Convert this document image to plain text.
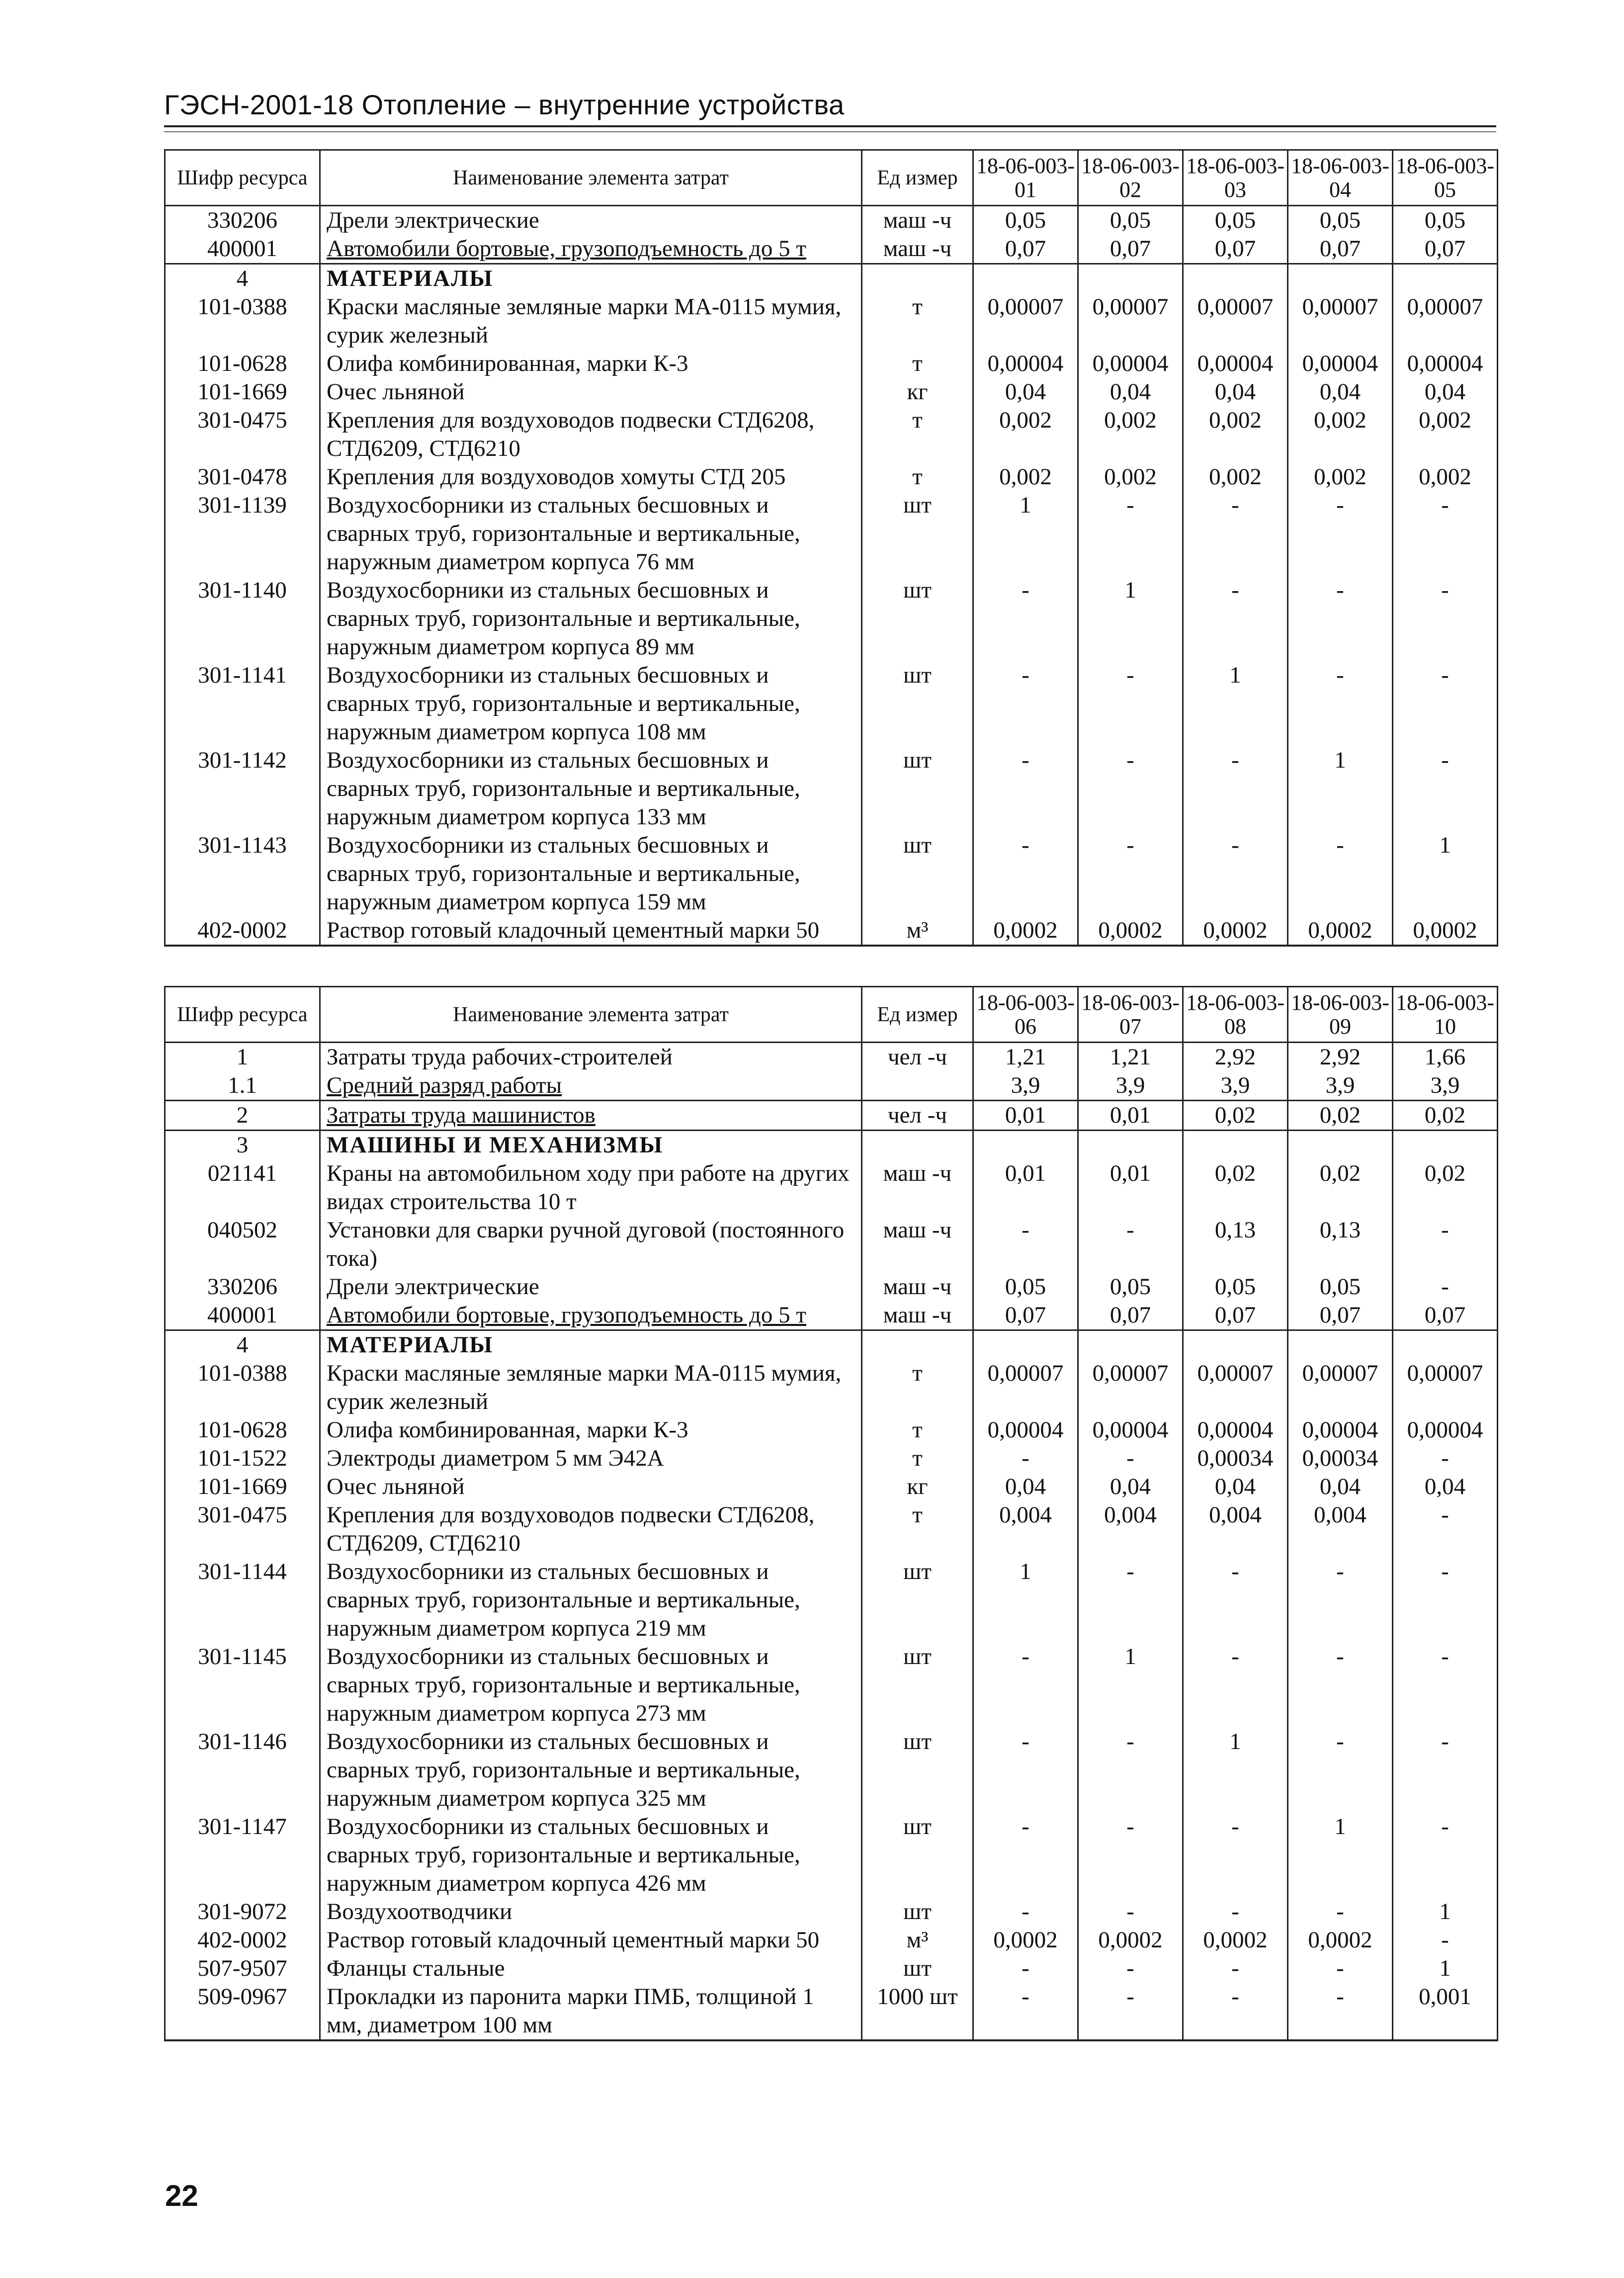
ГЭСН-2001-18 Отопление – внутренние устройства
Шифр ресурса	Наименование элемента затрат	Ед измер	18-06-003-01	18-06-003-02	18-06-003-03	18-06-003-04	18-06-003-05
330206	Дрели электрические	маш -ч	0,05	0,05	0,05	0,05	0,05
400001	Автомобили бортовые, грузоподъемность до 5 т	маш -ч	0,07	0,07	0,07	0,07	0,07
4	МАТЕРИАЛЫ						
101-0388	Краски масляные земляные марки МА-0115 мумия, сурик железный	т	0,00007	0,00007	0,00007	0,00007	0,00007
101-0628	Олифа комбинированная, марки К-3	т	0,00004	0,00004	0,00004	0,00004	0,00004
101-1669	Очес льняной	кг	0,04	0,04	0,04	0,04	0,04
301-0475	Крепления для воздуховодов подвески СТД6208, СТД6209, СТД6210	т	0,002	0,002	0,002	0,002	0,002
301-0478	Крепления для воздуховодов хомуты СТД 205	т	0,002	0,002	0,002	0,002	0,002
301-1139	Воздухосборники из стальных бесшовных и сварных труб, горизонтальные и вертикальные, наружным диаметром корпуса 76 мм	шт	1	-	-	-	-
301-1140	Воздухосборники из стальных бесшовных и сварных труб, горизонтальные и вертикальные, наружным диаметром корпуса 89 мм	шт	-	1	-	-	-
301-1141	Воздухосборники из стальных бесшовных и сварных труб, горизонтальные и вертикальные, наружным диаметром корпуса 108 мм	шт	-	-	1	-	-
301-1142	Воздухосборники из стальных бесшовных и сварных труб, горизонтальные и вертикальные, наружным диаметром корпуса 133 мм	шт	-	-	-	1	-
301-1143	Воздухосборники из стальных бесшовных и сварных труб, горизонтальные и вертикальные, наружным диаметром корпуса 159 мм	шт	-	-	-	-	1
402-0002	Раствор готовый кладочный цементный марки 50	м³	0,0002	0,0002	0,0002	0,0002	0,0002
Шифр ресурса	Наименование элемента затрат	Ед измер	18-06-003-06	18-06-003-07	18-06-003-08	18-06-003-09	18-06-003-10
1	Затраты труда рабочих-строителей	чел -ч	1,21	1,21	2,92	2,92	1,66
1.1	Средний разряд работы		3,9	3,9	3,9	3,9	3,9
2	Затраты труда машинистов	чел -ч	0,01	0,01	0,02	0,02	0,02
3	МАШИНЫ И МЕХАНИЗМЫ						
021141	Краны на автомобильном ходу при работе на других видах строительства 10 т	маш -ч	0,01	0,01	0,02	0,02	0,02
040502	Установки для сварки ручной дуговой (постоянного тока)	маш -ч	-	-	0,13	0,13	-
330206	Дрели электрические	маш -ч	0,05	0,05	0,05	0,05	-
400001	Автомобили бортовые, грузоподъемность до 5 т	маш -ч	0,07	0,07	0,07	0,07	0,07
4	МАТЕРИАЛЫ						
101-0388	Краски масляные земляные марки МА-0115 мумия, сурик железный	т	0,00007	0,00007	0,00007	0,00007	0,00007
101-0628	Олифа комбинированная, марки К-3	т	0,00004	0,00004	0,00004	0,00004	0,00004
101-1522	Электроды диаметром 5 мм Э42А	т	-	-	0,00034	0,00034	-
101-1669	Очес льняной	кг	0,04	0,04	0,04	0,04	0,04
301-0475	Крепления для воздуховодов подвески СТД6208, СТД6209, СТД6210	т	0,004	0,004	0,004	0,004	-
301-1144	Воздухосборники из стальных бесшовных и сварных труб, горизонтальные и вертикальные, наружным диаметром корпуса 219 мм	шт	1	-	-	-	-
301-1145	Воздухосборники из стальных бесшовных и сварных труб, горизонтальные и вертикальные, наружным диаметром корпуса 273 мм	шт	-	1	-	-	-
301-1146	Воздухосборники из стальных бесшовных и сварных труб, горизонтальные и вертикальные, наружным диаметром корпуса 325 мм	шт	-	-	1	-	-
301-1147	Воздухосборники из стальных бесшовных и сварных труб, горизонтальные и вертикальные, наружным диаметром корпуса 426 мм	шт	-	-	-	1	-
301-9072	Воздухоотводчики	шт	-	-	-	-	1
402-0002	Раствор готовый кладочный цементный марки 50	м³	0,0002	0,0002	0,0002	0,0002	-
507-9507	Фланцы стальные	шт	-	-	-	-	1
509-0967	Прокладки из паронита марки ПМБ, толщиной 1 мм, диаметром 100 мм	1000 шт	-	-	-	-	0,001
22
